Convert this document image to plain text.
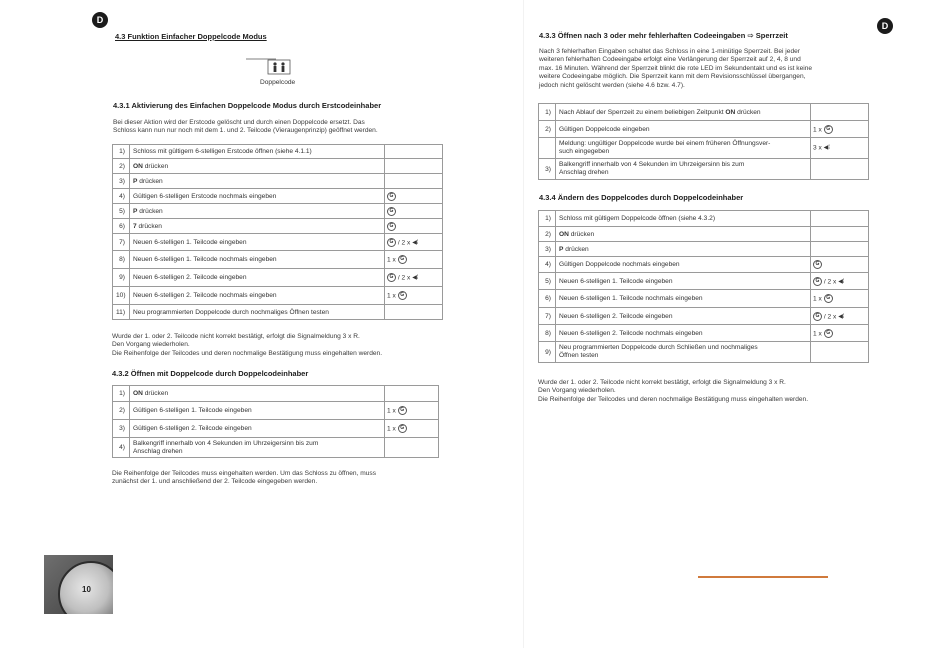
D
4.3 Funktion Einfacher Doppelcode Modus
Doppelcode
4.3.1 Aktivierung des Einfachen Doppelcode Modus durch Erstcodeinhaber
Bei dieser Aktion wird der Erstcode gelöscht und durch einen Doppelcode ersetzt. Das
Schloss kann nun nur noch mit dem 1. und 2. Teilcode (Vieraugenprinzip) geöffnet werden.
1)	Schloss mit gültigem 6-stelligen Erstcode öffnen (siehe 4.1.1)	
2)	ON drücken	
3)	P drücken	
4)	Gültigen 6-stelligen Erstcode nochmals eingeben	G
5)	P drücken	G
6)	7 drücken	G
7)	Neuen 6-stelligen 1. Teilcode eingeben	G / 2 x ◀︎⁞
8)	Neuen 6-stelligen 1. Teilcode nochmals eingeben	1 x G
9)	Neuen 6-stelligen 2. Teilcode eingeben	G / 2 x ◀︎⁞
10)	Neuen 6-stelligen 2. Teilcode nochmals eingeben	1 x G
11)	Neu programmierten Doppelcode durch nochmaliges Öffnen testen	
Wurde der 1. oder 2. Teilcode nicht korrekt bestätigt, erfolgt die Signalmeldung 3 x R.
Den Vorgang wiederholen.
Die Reihenfolge der Teilcodes und deren nochmalige Bestätigung muss eingehalten werden.
4.3.2 Öffnen mit Doppelcode durch Doppelcodeinhaber
1)	ON drücken	
2)	Gültigen 6-stelligen 1. Teilcode eingeben	1 x G
3)	Gültigen 6-stelligen 2. Teilcode eingeben	1 x G
4)	Balkengriff innerhalb von 4 Sekunden im Uhrzeigersinn bis zum
Anschlag drehen	

Die Reihenfolge der Teilcodes muss eingehalten werden. Um das Schloss zu öffnen, muss
zunächst der 1. und anschließend der 2. Teilcode eingegeben werden.
10
D
4.3.3 Öffnen nach 3 oder mehr fehlerhaften Codeeingaben ⇨ Sperrzeit
Nach 3 fehlerhaften Eingaben schaltet das Schloss in eine 1-minütige Sperrzeit. Bei jeder
weiteren fehlerhaften Codeeingabe erfolgt eine Verlängerung der Sperrzeit auf 2, 4, 8 und
max. 16 Minuten. Während der Sperrzeit blinkt die rote LED im Sekundentakt und es ist keine
weitere Codeeingabe möglich. Die Sperrzeit kann mit dem Revisionsschlüssel übergangen,
jedoch nicht gelöscht werden (siehe 4.6 bzw. 4.7).
1)	Nach Ablauf der Sperrzeit zu einem beliebigen Zeitpunkt ON drücken	
2)	Gültigen Doppelcode eingeben	1 x G

	Meldung: ungültiger Doppelcode wurde bei einem früheren Öffnungsver-
such eingegeben	3 x ◀︎⁞
3)	Balkengriff innerhalb von 4 Sekunden im Uhrzeigersinn bis zum
Anschlag drehen	

4.3.4 Ändern des Doppelcodes durch Doppelcodeinhaber
1)	Schloss mit gültigem Doppelcode öffnen (siehe 4.3.2)	
2)	ON drücken	
3)	P drücken	
4)	Gültigen Doppelcode nochmals eingeben	G
5)	Neuen 6-stelligen 1. Teilcode eingeben	G / 2 x ◀︎⁞
6)	Neuen 6-stelligen 1. Teilcode nochmals eingeben	1 x G
7)	Neuen 6-stelligen 2. Teilcode eingeben	G / 2 x ◀︎⁞
8)	Neuen 6-stelligen 2. Teilcode nochmals eingeben	1 x G
9)	Neu programmierten Doppelcode durch Schließen und nochmaliges
Öffnen testen	

Wurde der 1. oder 2. Teilcode nicht korrekt bestätigt, erfolgt die Signalmeldung 3 x R.
Den Vorgang wiederholen.
Die Reihenfolge der Teilcodes und deren nochmalige Bestätigung muss eingehalten werden.
